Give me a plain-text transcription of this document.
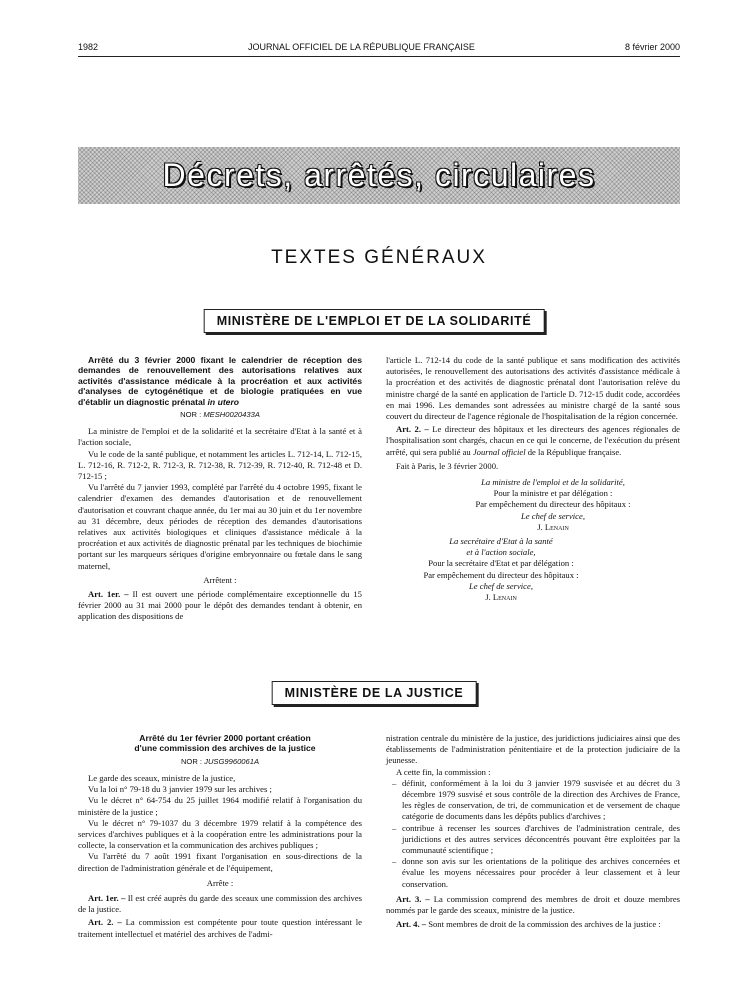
1982	JOURNAL OFFICIEL DE LA RÉPUBLIQUE FRANÇAISE	8 février 2000
Décrets, arrêtés, circulaires
TEXTES GÉNÉRAUX
MINISTÈRE DE L'EMPLOI ET DE LA SOLIDARITÉ

Arrêté du 3 février 2000 fixant le calendrier de réception des demandes de renouvellement des autorisations relatives aux activités d'assistance médicale à la procréation et aux activités d'analyses de cytogénétique et de biologie pratiquées en vue d'établir un diagnostic prénatal in utero

NOR : MESH0020433A

La ministre de l'emploi et de la solidarité et la secrétaire d'Etat à la santé et à l'action sociale,

Vu le code de la santé publique, et notamment les articles L. 712-14, L. 712-15, L. 712-16, R. 712-2, R. 712-3, R. 712-38, R. 712-39, R. 712-40, R. 712-48 et D. 712-15 ;

Vu l'arrêté du 7 janvier 1993, complété par l'arrêté du 4 octobre 1995, fixant le calendrier d'examen des demandes d'autorisation et de renouvellement d'autorisation et couvrant chaque année, du 1er mai au 30 juin et du 1er novembre au 31 décembre, deux périodes de réception des demandes d'autorisations relatives aux activités biologiques et cliniques d'assistance médicale à la procréation et aux activités de diagnostic prénatal par les techniques de biochimie portant sur les marqueurs sériques d'origine embryonnaire ou fœtale dans le sang maternel,

Arrêtent :

Art. 1er. – Il est ouvert une période complémentaire exceptionnelle du 15 février 2000 au 31 mai 2000 pour le dépôt des demandes tendant à obtenir, en application des dispositions de

l'article L. 712-14 du code de la santé publique et sans modification des activités autorisées, le renouvellement des autorisations des activités d'assistance médicale à la procréation et des activités de diagnostic prénatal dont l'autorisation relève du ministre chargé de la santé en application de l'article D. 712-15 dudit code, accordées en mai 1996. Les demandes sont adressées au ministre chargé de la santé sous couvert du directeur de l'agence régionale de l'hospitalisation de la région concernée.

Art. 2. – Le directeur des hôpitaux et les directeurs des agences régionales de l'hospitalisation sont chargés, chacun en ce qui le concerne, de l'exécution du présent arrêté, qui sera publié au Journal officiel de la République française.

Fait à Paris, le 3 février 2000.

La ministre de l'emploi et de la solidarité,

Pour la ministre et par délégation :

Par empêchement du directeur des hôpitaux :

Le chef de service,

J. Lenain

La secrétaire d'Etat à la santé

et à l'action sociale,

Pour la secrétaire d'Etat et par délégation :

Par empêchement du directeur des hôpitaux :

Le chef de service,

J. Lenain

MINISTÈRE DE LA JUSTICE

Arrêté du 1er février 2000 portant création

d'une commission des archives de la justice

NOR : JUSG9960061A

Le garde des sceaux, ministre de la justice,

Vu la loi n° 79-18 du 3 janvier 1979 sur les archives ;

Vu le décret n° 64-754 du 25 juillet 1964 modifié relatif à l'organisation du ministère de la justice ;

Vu le décret n° 79-1037 du 3 décembre 1979 relatif à la compétence des services d'archives publiques et à la coopération entre les administrations pour la collecte, la conservation et la communication des archives publiques ;

Vu l'arrêté du 7 août 1991 fixant l'organisation en sous-directions de la direction de l'administration générale et de l'équipement,

Arrête :

Art. 1er. – Il est créé auprès du garde des sceaux une commission des archives de la justice.

Art. 2. – La commission est compétente pour toute question intéressant le traitement intellectuel et matériel des archives de l'admi-

nistration centrale du ministère de la justice, des juridictions judiciaires ainsi que des établissements de l'administration pénitentiaire et de la protection judiciaire de la jeunesse.

A cette fin, la commission :

– définit, conformément à la loi du 3 janvier 1979 susvisée et au décret du 3 décembre 1979 susvisé et sous contrôle de la direction des Archives de France, les règles de conservation, de tri, de communication et de versement de chaque catégorie de documents dans les dépôts publics d'archives ;
– contribue à recenser les sources d'archives de l'administration centrale, des juridictions et des autres services déconcentrés pouvant être exploitées par la communauté scientifique ;
– donne son avis sur les orientations de la politique des archives concernées et évalue les moyens nécessaires pour procéder à leur classement et à leur conservation.

Art. 3. – La commission comprend des membres de droit et douze membres nommés par le garde des sceaux, ministre de la justice.

Art. 4. – Sont membres de droit de la commission des archives de la justice :
